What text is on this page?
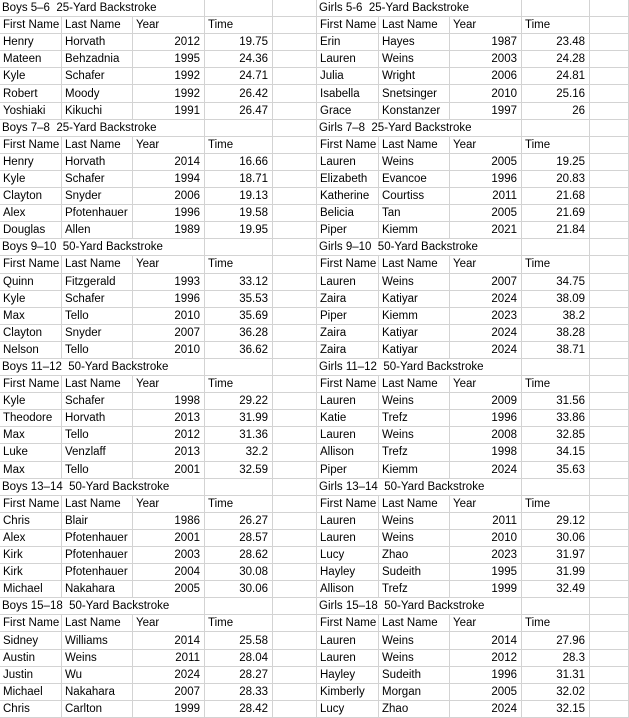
Boys 5–6  25-Yard Backstroke	Girls 5-6  25-Yard Backstroke
First Name Last Name	Year	Time	First Name Last Name	Year	Time
Henry	Horvath	2012	19.75	Erin	Hayes	1987	23.48
Mateen	Behzadnia	1995	24.36	Lauren	Weins	2003	24.28
Kyle	Schafer	1992	24.71	Julia	Wright	2006	24.81
Robert	Moody	1992	26.42	Isabella	Snetsinger	2010	25.16
Yoshiaki	Kikuchi	1991	26.47	Grace	Konstanzer	1997	26
Boys 7–8  25-Yard Backstroke	Girls 7–8  25-Yard Backstroke
First Name Last Name	Year	Time	First Name Last Name	Year	Time
Henry	Horvath	2014	16.66	Lauren	Weins	2005	19.25
Kyle	Schafer	1994	18.71	Elizabeth	Evancoe	1996	20.83
Clayton	Snyder	2006	19.13	Katherine	Courtiss	2011	21.68
Alex	Pfotenhauer	1996	19.58	Belicia	Tan	2005	21.69
Douglas	Allen	1989	19.95	Piper	Kiemm	2021	21.84
Boys 9–10  50-Yard Backstroke	Girls 9–10  50-Yard Backstroke
First Name Last Name	Year	Time	First Name Last Name	Year	Time
Quinn	Fitzgerald	1993	33.12	Lauren	Weins	2007	34.75
Kyle	Schafer	1996	35.53	Zaira	Katiyar	2024	38.09
Max	Tello	2010	35.69	Piper	Kiemm	2023	38.2
Clayton	Snyder	2007	36.28	Zaira	Katiyar	2024	38.28
Nelson	Tello	2010	36.62	Zaira	Katiyar	2024	38.71
Boys 11–12  50-Yard Backstroke	Girls 11–12  50-Yard Backstroke
First Name Last Name	Year	Time	First Name Last Name	Year	Time
Kyle	Schafer	1998	29.22	Lauren	Weins	2009	31.56
Theodore	Horvath	2013	31.99	Katie	Trefz	1996	33.86
Max	Tello	2012	31.36	Lauren	Weins	2008	32.85
Luke	Venzlaff	2013	32.2	Allison	Trefz	1998	34.15
Max	Tello	2001	32.59	Piper	Kiemm	2024	35.63
Boys 13–14  50-Yard Backstroke	Girls 13–14  50-Yard Backstroke
First Name Last Name	Year	Time	First Name Last Name	Year	Time
Chris	Blair	1986	26.27	Lauren	Weins	2011	29.12
Alex	Pfotenhauer	2001	28.57	Lauren	Weins	2010	30.06
Kirk	Pfotenhauer	2003	28.62	Lucy	Zhao	2023	31.97
Kirk	Pfotenhauer	2004	30.08	Hayley	Sudeith	1995	31.99
Michael	Nakahara	2005	30.06	Allison	Trefz	1999	32.49
Boys 15–18  50-Yard Backstroke	Girls 15–18  50-Yard Backstroke
First Name Last Name	Year	Time	First Name Last Name	Year	Time
Sidney	Williams	2014	25.58	Lauren	Weins	2014	27.96
Austin	Weins	2011	28.04	Lauren	Weins	2012	28.3
Justin	Wu	2024	28.27	Hayley	Sudeith	1996	31.31
Michael	Nakahara	2007	28.33	Kimberly	Morgan	2005	32.02
Chris	Carlton	1999	28.42	Lucy	Zhao	2024	32.15
